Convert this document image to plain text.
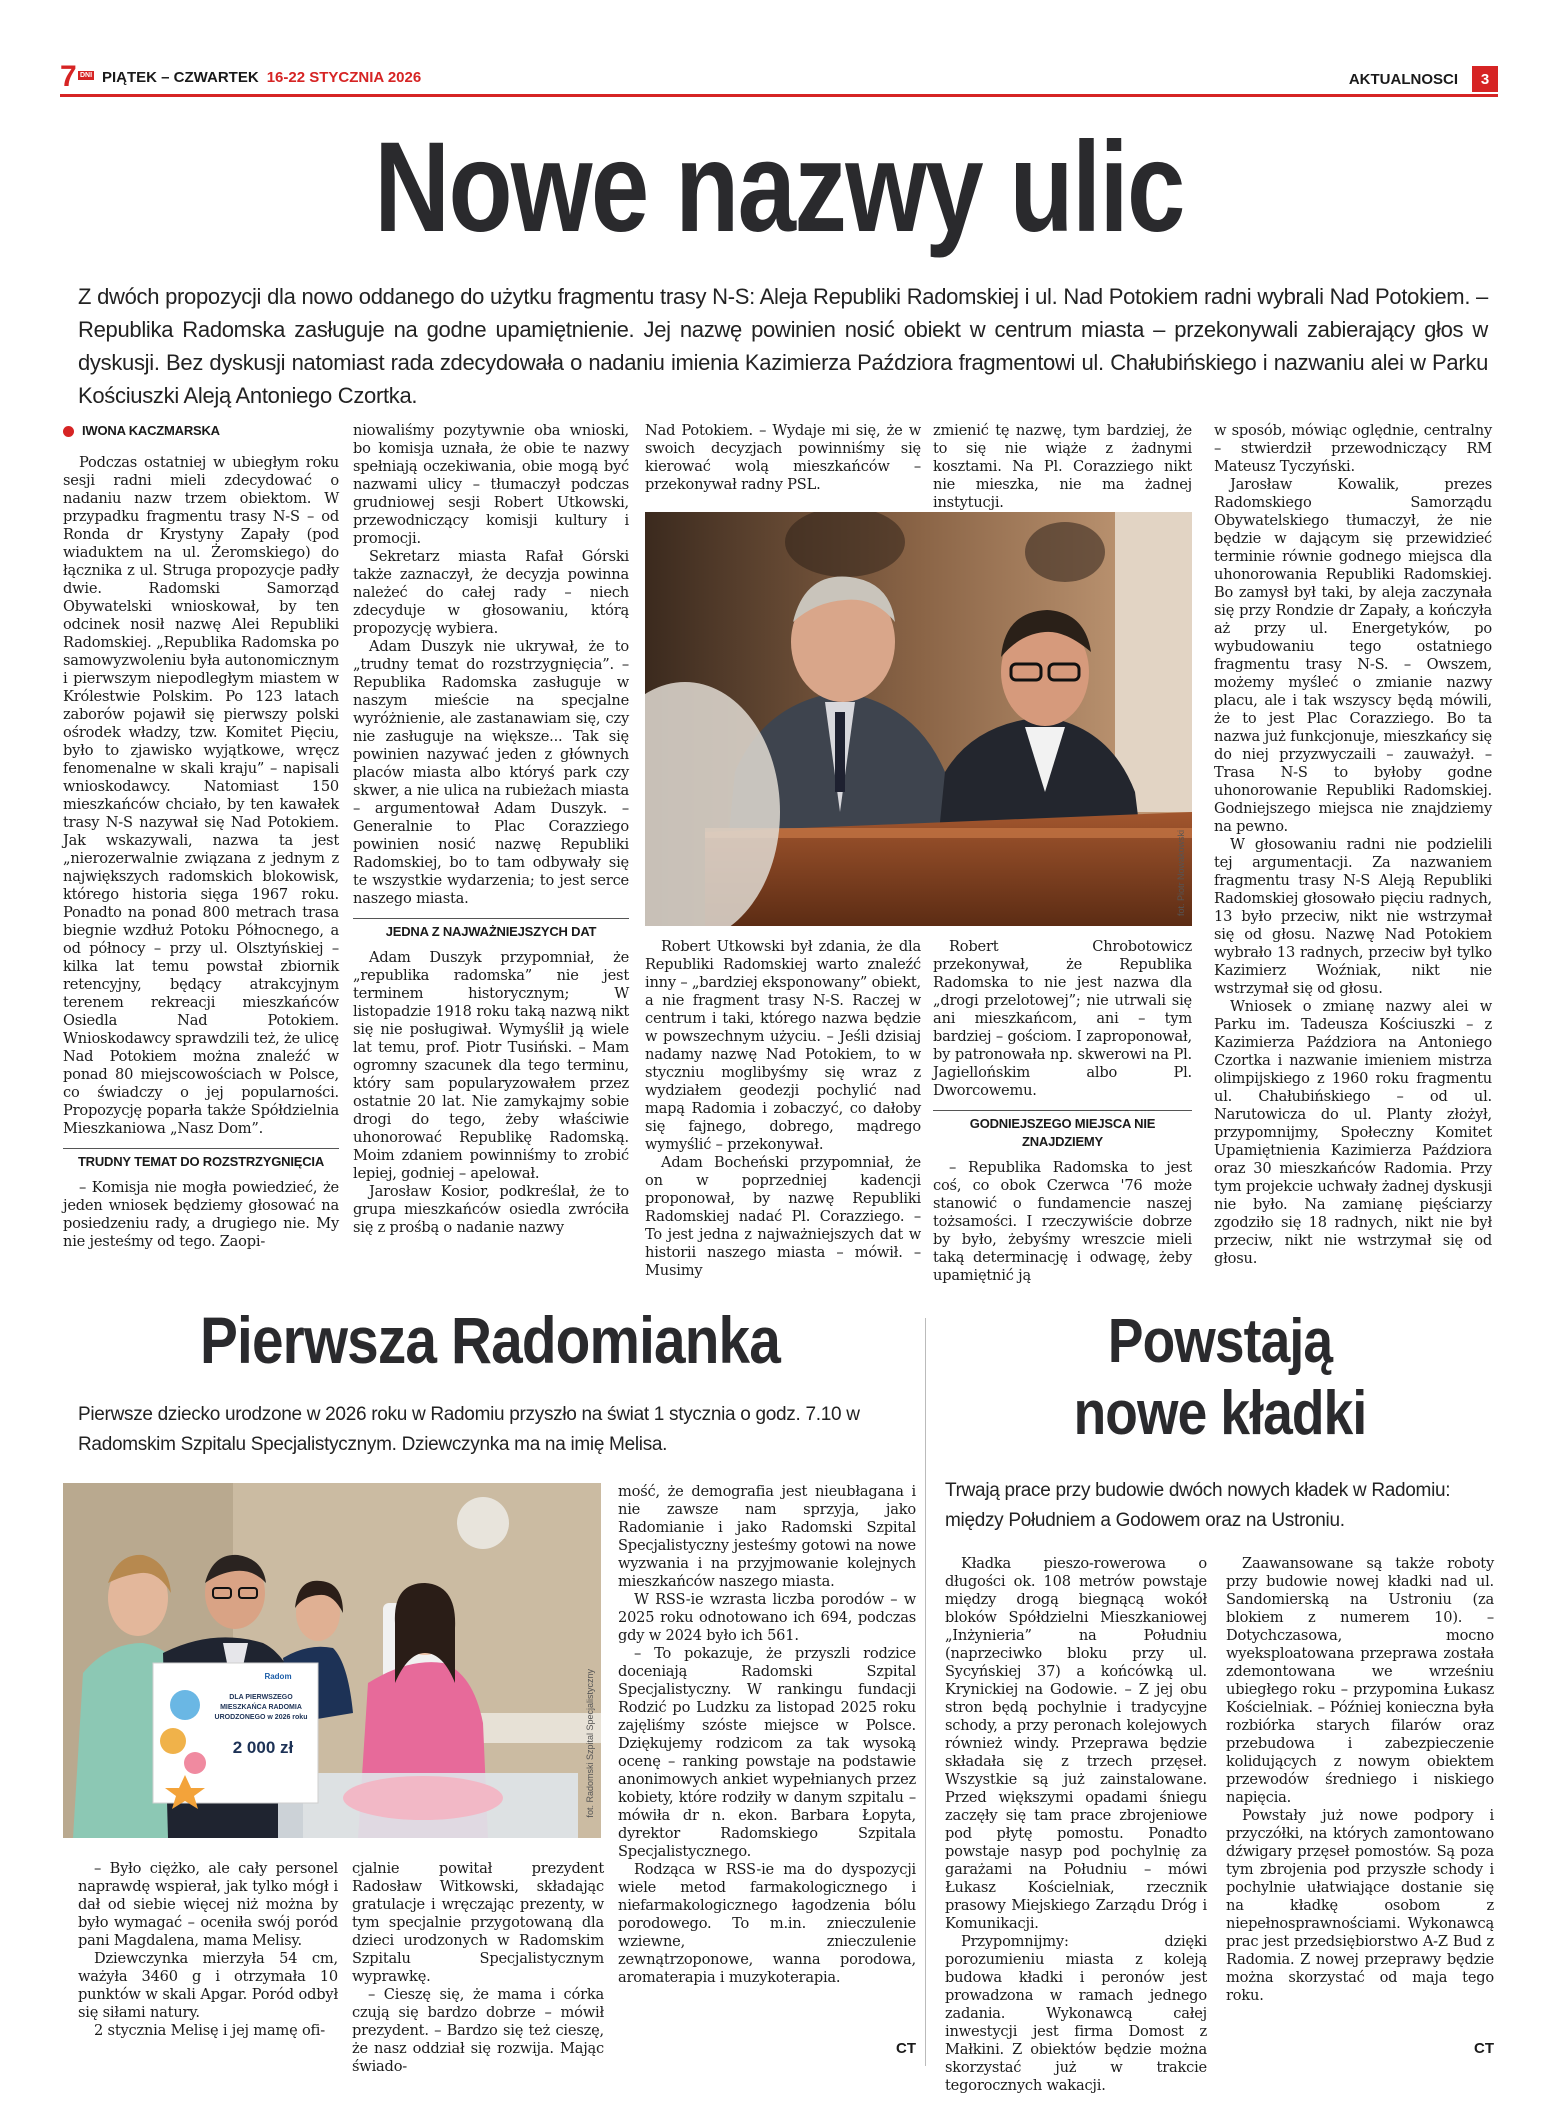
7 DNI PIĄTEK – CZWARTEK 16-22 STYCZNIA 2026	AKTUALNOSCI	3
Nowe nazwy ulic
Z dwóch propozycji dla nowo oddanego do użytku fragmentu trasy N-S: Aleja Republiki Radomskiej i ul. Nad Potokiem radni wybrali Nad Potokiem. – Republika Radomska zasługuje na godne upamiętnienie. Jej nazwę powinien nosić obiekt w centrum miasta – przekonywali zabierający głos w dyskusji. Bez dyskusji natomiast rada zdecydowała o nadaniu imienia Kazimierza Paździora fragmentowi ul. Chałubińskiego i nazwaniu alei w Parku Kościuszki Aleją Antoniego Czortka.
IWONA KACZMARSKA

Podczas ostatniej w ubiegłym roku sesji radni mieli zdecydować o nadaniu nazw trzem obiektom. W przypadku fragmentu trasy N-S – od Ronda dr Krystyny Zapały (pod wiaduktem na ul. Żeromskiego) do łącznika z ul. Struga propozycje padły dwie. Radomski Samorząd Obywatelski wnioskował, by ten odcinek nosił nazwę Alei Republiki Radomskiej. „Republika Radomska po samowyzwoleniu była autonomicznym i pierwszym niepodległym miastem w Królestwie Polskim. Po 123 latach zaborów pojawił się pierwszy polski ośrodek władzy, tzw. Komitet Pięciu, było to zjawisko wyjątkowe, wręcz fenomenalne w skali kraju” – napisali wnioskodawcy. Natomiast 150 mieszkańców chciało, by ten kawałek trasy N-S nazywał się Nad Potokiem. Jak wskazywali, nazwa ta jest „nierozerwalnie związana z jednym z największych radomskich blokowisk, którego historia sięga 1967 roku. Ponadto na ponad 800 metrach trasa biegnie wzdłuż Potoku Północnego, a od północy – przy ul. Olsztyńskiej – kilka lat temu powstał zbiornik retencyjny, będący atrakcyjnym terenem rekreacji mieszkańców Osiedla Nad Potokiem. Wnioskodawcy sprawdzili też, że ulicę Nad Potokiem można znaleźć w ponad 80 miejscowościach w Polsce, co świadczy o jej popularności. Propozycję poparła także Spółdzielnia Mieszkaniowa „Nasz Dom”.

TRUDNY TEMAT DO ROZSTRZYGNIĘCIA

– Komisja nie mogła powiedzieć, że jeden wniosek będziemy głosować na posiedzeniu rady, a drugiego nie. My nie jesteśmy od tego. Zaopi-

niowaliśmy pozytywnie oba wnioski, bo komisja uznała, że obie te nazwy spełniają oczekiwania, obie mogą być nazwami ulicy – tłumaczył podczas grudniowej sesji Robert Utkowski, przewodniczący komisji kultury i promocji.

Sekretarz miasta Rafał Górski także zaznaczył, że decyzja powinna należeć do całej rady – niech zdecyduje w głosowaniu, którą propozycję wybiera.

Adam Duszyk nie ukrywał, że to „trudny temat do rozstrzygnięcia”. – Republika Radomska zasługuje w naszym mieście na specjalne wyróżnienie, ale zastanawiam się, czy nie zasługuje na większe... Tak się powinien nazywać jeden z głównych placów miasta albo któryś park czy skwer, a nie ulica na rubieżach miasta – argumentował Adam Duszyk. – Generalnie to Plac Corazziego powinien nosić nazwę Republiki Radomskiej, bo to tam odbywały się te wszystkie wydarzenia; to jest serce naszego miasta.

JEDNA Z NAJWAŻNIEJSZYCH DAT

Adam Duszyk przypomniał, że „republika radomska” nie jest terminem historycznym; W listopadzie 1918 roku taką nazwą nikt się nie posługiwał. Wymyślił ją wiele lat temu, prof. Piotr Tusiński. – Mam ogromny szacunek dla tego terminu, który sam popularyzowałem przez ostatnie 20 lat. Nie zamykajmy sobie drogi do tego, żeby właściwie uhonorować Republikę Radomską. Moim zdaniem powinniśmy to zrobić lepiej, godniej – apelował.

Jarosław Kosior, podkreślał, że to grupa mieszkańców osiedla zwróciła się z prośbą o nadanie nazwy

Nad Potokiem. – Wydaje mi się, że w swoich decyzjach powinniśmy się kierować wolą mieszkańców – przekonywał radny PSL.

zmienić tę nazwę, tym bardziej, że to się nie wiąże z żadnymi kosztami. Na Pl. Corazziego nikt nie mieszka, nie ma żadnej instytucji.

fot. Piotr Nowakowski

Robert Utkowski był zdania, że dla Republiki Radomskiej warto znaleźć inny – „bardziej eksponowany” obiekt, a nie fragment trasy N-S. Raczej w centrum i taki, którego nazwa będzie w powszechnym użyciu. – Jeśli dzisiaj nadamy nazwę Nad Potokiem, to w styczniu moglibyśmy się wraz z wydziałem geodezji pochylić nad mapą Radomia i zobaczyć, co dałoby się fajnego, dobrego, mądrego wymyślić – przekonywał.

Adam Bocheński przypomniał, że on w poprzedniej kadencji proponował, by nazwę Republiki Radomskiej nadać Pl. Corazziego. – To jest jedna z najważniejszych dat w historii naszego miasta – mówił. – Musimy

Robert Chrobotowicz przekonywał, że Republika Radomska to nie jest nazwa dla „drogi przelotowej”; nie utrwali się ani mieszkańcom, ani – tym bardziej – gościom. I zaproponował, by patronowała np. skwerowi na Pl. Jagiellońskim albo Pl. Dworcowemu.

GODNIEJSZEGO MIEJSCA NIE ZNAJDZIEMY

– Republika Radomska to jest coś, co obok Czerwca '76 może stanowić o fundamencie naszej tożsamości. I rzeczywiście dobrze by było, żebyśmy wreszcie mieli taką determinację i odwagę, żeby upamiętnić ją

w sposób, mówiąc oględnie, centralny – stwierdził przewodniczący RM Mateusz Tyczyński.

Jarosław Kowalik, prezes Radomskiego Samorządu Obywatelskiego tłumaczył, że nie będzie w dającym się przewidzieć terminie równie godnego miejsca dla uhonorowania Republiki Radomskiej. Bo zamysł był taki, by aleja zaczynała się przy Rondzie dr Zapały, a kończyła aż przy ul. Energetyków, po wybudowaniu tego ostatniego fragmentu trasy N-S. – Owszem, możemy myśleć o zmianie nazwy placu, ale i tak wszyscy będą mówili, że to jest Plac Corazziego. Bo ta nazwa już funkcjonuje, mieszkańcy się do niej przyzwyczaili – zauważył. – Trasa N-S to byłoby godne uhonorowanie Republiki Radomskiej. Godniejszego miejsca nie znajdziemy na pewno.

W głosowaniu radni nie podzielili tej argumentacji. Za nazwaniem fragmentu trasy N-S Aleją Republiki Radomskiej głosowało pięciu radnych, 13 było przeciw, nikt nie wstrzymał się od głosu. Nazwę Nad Potokiem wybrało 13 radnych, przeciw był tylko Kazimierz Woźniak, nikt nie wstrzymał się od głosu.

Wniosek o zmianę nazwy alei w Parku im. Tadeusza Kościuszki – z Kazimierza Paździora na Antoniego Czortka i nazwanie imieniem mistrza olimpijskiego z 1960 roku fragmentu ul. Chałubińskiego – od ul. Narutowicza do ul. Planty złożył, przypomnijmy, Społeczny Komitet Upamiętnienia Kazimierza Paździora oraz 30 mieszkańców Radomia. Przy tym projekcie uchwały żadnej dyskusji nie było. Na zamianę pięściarzy zgodziło się 18 radnych, nikt nie był przeciw, nikt nie wstrzymał się od głosu.

Pierwsza Radomianka
Pierwsze dziecko urodzone w 2026 roku w Radomiu przyszło na świat 1 stycznia o godz. 7.10 w Radomskim Szpitalu Specjalistycznym. Dziewczynka ma na imię Melisa.
Radom
DLA PIERWSZEGO
MIESZKAŃCA RADOMIA
URODZONEGO w 2026 roku
2 000 zł	fot. Radomski Szpital Specjalistyczny

mość, że demografia jest nieubłagana i nie zawsze nam sprzyja, jako Radomianie i jako Radomski Szpital Specjalistyczny jesteśmy gotowi na nowe wyzwania i na przyjmowanie kolejnych mieszkańców naszego miasta.

W RSS-ie wzrasta liczba porodów – w 2025 roku odnotowano ich 694, podczas gdy w 2024 było ich 561.

– To pokazuje, że przyszli rodzice doceniają Radomski Szpital Specjalistyczny. W rankingu fundacji Rodzić po Ludzku za listopad 2025 roku zajęliśmy szóste miejsce w Polsce. Dziękujemy rodzicom za tak wysoką ocenę – ranking powstaje na podstawie anonimowych ankiet wypełnianych przez kobiety, które rodziły w danym szpitalu – mówiła dr n. ekon. Barbara Łopyta, dyrektor Radomskiego Szpitala Specjalistycznego.

Rodząca w RSS-ie ma do dyspozycji wiele metod farmakologicznego i niefarmakologicznego łagodzenia bólu porodowego. To m.in. znieczulenie wziewne, znieczulenie zewnątrzoponowe, wanna porodowa, aromaterapia i muzykoterapia.

– Było ciężko, ale cały personel naprawdę wspierał, jak tylko mógł i dał od siebie więcej niż można by było wymagać – oceniła swój poród pani Magdalena, mama Melisy.

Dziewczynka mierzyła 54 cm, ważyła 3460 g i otrzymała 10 punktów w skali Apgar. Poród odbył się siłami natury.

2 stycznia Melisę i jej mamę ofi-

cjalnie powitał prezydent Radosław Witkowski, składając gratulacje i wręczając prezenty, w tym specjalnie przygotowaną dla dzieci urodzonych w Radomskim Szpitalu Specjalistycznym wyprawkę.

– Cieszę się, że mama i córka czują się bardzo dobrze – mówił prezydent. – Bardzo się też cieszę, że nasz oddział się rozwija. Mając świado-

CT
Powstają
nowe kładki
Trwają prace przy budowie dwóch nowych kładek w Radomiu: między Południem a Godowem oraz na Ustroniu.

Kładka pieszo-rowerowa o długości ok. 108 metrów powstaje między drogą biegnącą wokół bloków Spółdzielni Mieszkaniowej „Inżynieria” na Południu (naprzeciwko bloku przy ul. Sycyńskiej 37) a końcówką ul. Krynickiej na Godowie. – Z jej obu stron będą pochylnie i tradycyjne schody, a przy peronach kolejowych również windy. Przeprawa będzie składała się z trzech przęseł. Wszystkie są już zainstalowane. Przed większymi opadami śniegu zaczęły się tam prace zbrojeniowe pod płytę pomostu. Ponadto powstaje nasyp pod pochylnię za garażami na Południu – mówi Łukasz Kościelniak, rzecznik prasowy Miejskiego Zarządu Dróg i Komunikacji.

Przypomnijmy: dzięki porozumieniu miasta z koleją budowa kładki i peronów jest prowadzona w ramach jednego zadania. Wykonawcą całej inwestycji jest firma Domost z Małkini. Z obiektów będzie można skorzystać już w trakcie tegorocznych wakacji.

Zaawansowane są także roboty przy budowie nowej kładki nad ul. Sandomierską na Ustroniu (za blokiem z numerem 10). – Dotychczasowa, mocno wyeksploatowana przeprawa została zdemontowana we wrześniu ubiegłego roku – przypomina Łukasz Kościelniak. – Później konieczna była rozbiórka starych filarów oraz przebudowa i zabezpieczenie kolidujących z nowym obiektem przewodów średniego i niskiego napięcia.

Powstały już nowe podpory i przyczółki, na których zamontowano dźwigary przęseł pomostów. Są poza tym zbrojenia pod przyszłe schody i pochylnie ułatwiające dostanie się na kładkę osobom z niepełnosprawnościami. Wykonawcą prac jest przedsiębiorstwo A-Z Bud z Radomia. Z nowej przeprawy będzie można skorzystać od maja tego roku.

CT
